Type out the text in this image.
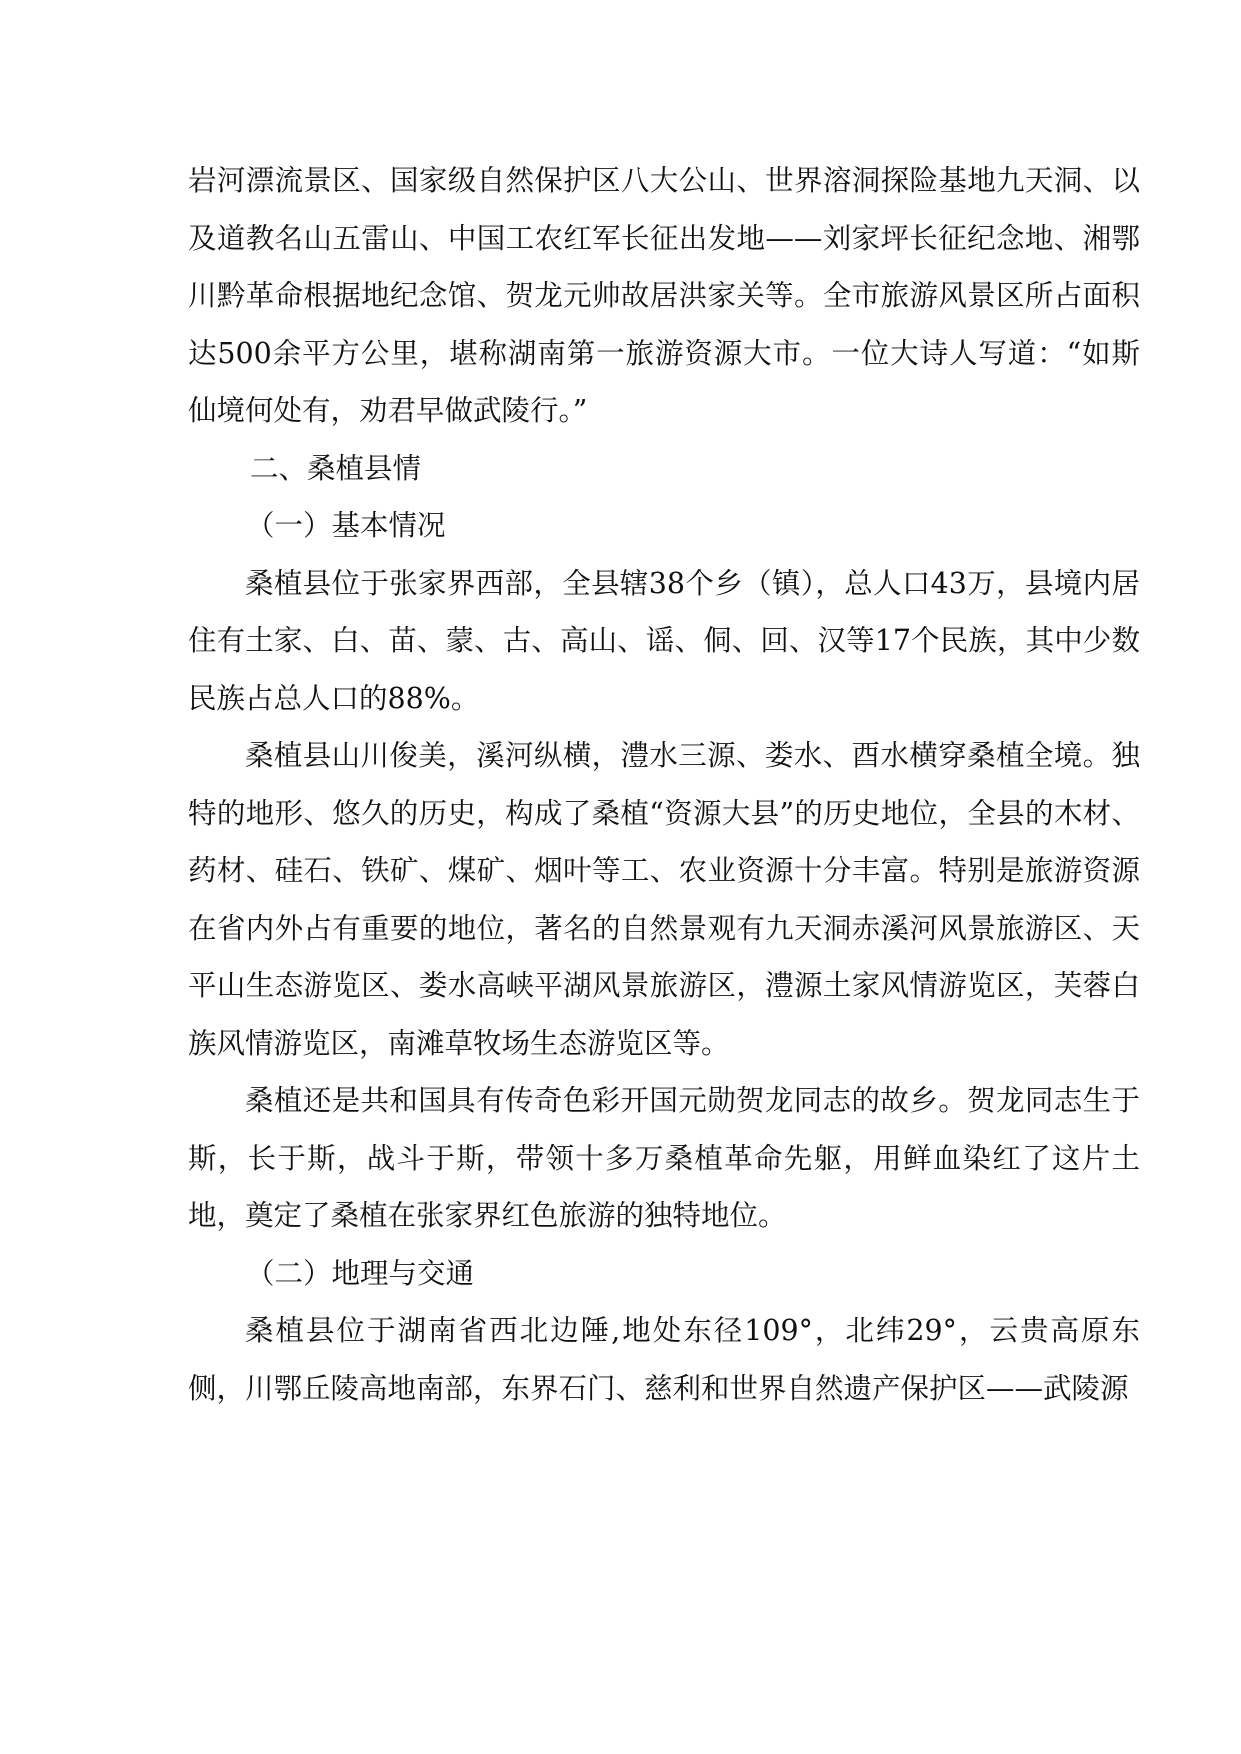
岩河漂流景区、国家级自然保护区八大公山、世界溶洞探险基地九天洞、以及道教名山五雷山、中国工农红军长征出发地——刘家坪长征纪念地、湘鄂川黔革命根据地纪念馆、贺龙元帅故居洪家关等。全市旅游风景区所占面积达500余平方公里，堪称湖南第一旅游资源大市。一位大诗人写道：“如斯仙境何处有，劝君早做武陵行。”

二、桑植县情

（一）基本情况

桑植县位于张家界西部，全县辖38个乡（镇），总人口43万，县境内居住有土家、白、苗、蒙、古、高山、谣、侗、回、汉等17个民族，其中少数民族占总人口的88%。

桑植县山川俊美，溪河纵横，澧水三源、娄水、酉水横穿桑植全境。独特的地形、悠久的历史，构成了桑植“资源大县”的历史地位，全县的木材、药材、硅石、铁矿、煤矿、烟叶等工、农业资源十分丰富。特别是旅游资源在省内外占有重要的地位，著名的自然景观有九天洞赤溪河风景旅游区、天平山生态游览区、娄水高峡平湖风景旅游区，澧源土家风情游览区，芙蓉白族风情游览区，南滩草牧场生态游览区等。

桑植还是共和国具有传奇色彩开国元勋贺龙同志的故乡。贺龙同志生于斯，长于斯，战斗于斯，带领十多万桑植革命先躯，用鲜血染红了这片土地，奠定了桑植在张家界红色旅游的独特地位。

（二）地理与交通

桑植县位于湖南省西北边陲,地处东径109°，北纬29°，云贵高原东侧，川鄂丘陵高地南部，东界石门、慈利和世界自然遗产保护区——武陵源
